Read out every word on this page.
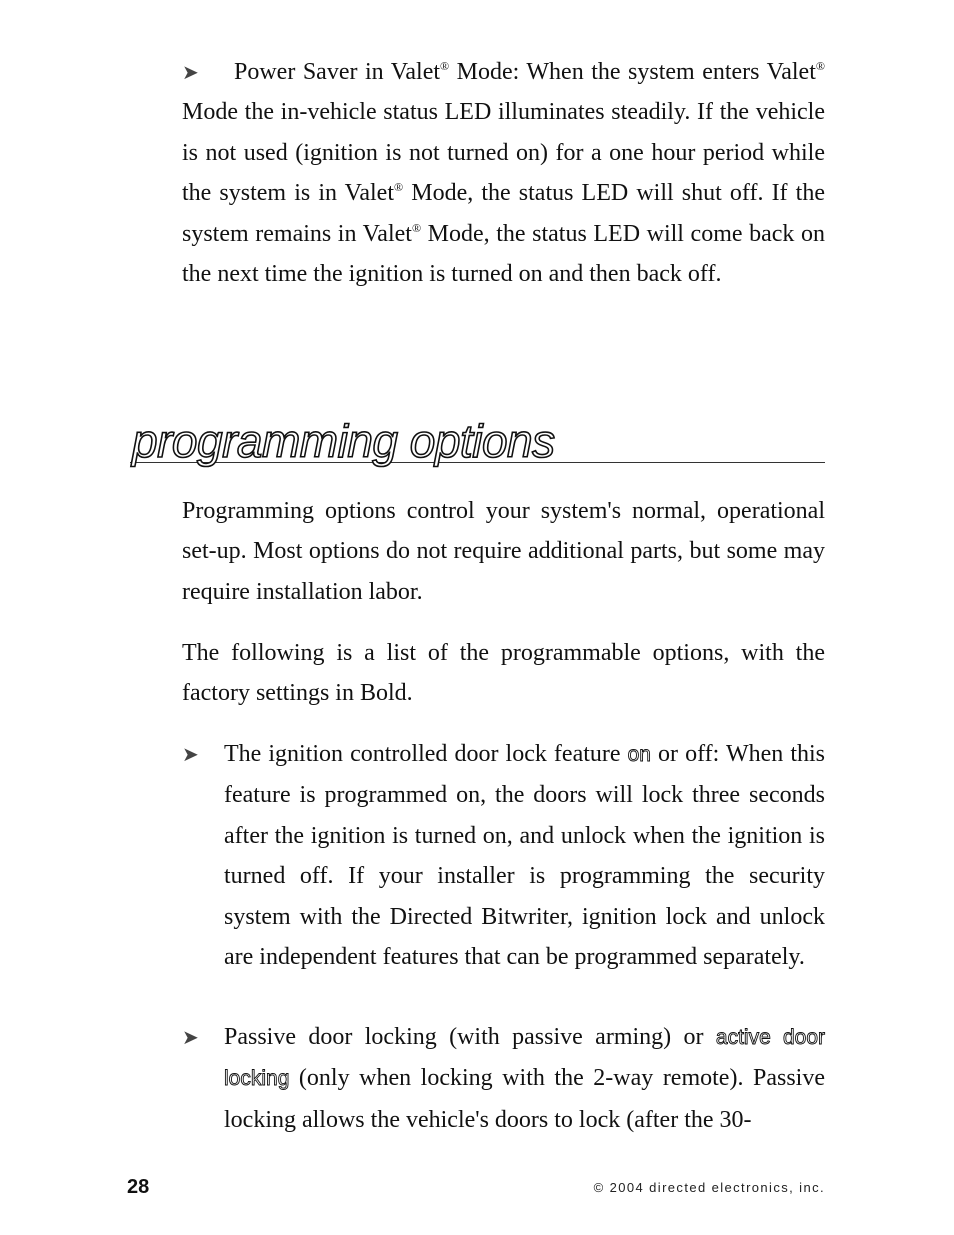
➤	Power Saver in Valet® Mode: When the system enters Valet® Mode the in-vehicle status LED illuminates steadily. If the vehicle is not used (ignition is not turned on) for a one hour period while the system is in Valet® Mode, the status LED will shut off. If the system remains in Valet® Mode, the status LED will come back on the next time the ignition is turned on and then back off.
programming options

Programming options control your system's normal, operational set-up. Most options do not require additional parts, but some may require installation labor.

The following is a list of the programmable options, with the factory settings in Bold.

➤	The ignition controlled door lock feature on or off: When this feature is programmed on, the doors will lock three seconds after the ignition is turned on, and unlock when the ignition is turned off. If your installer is programming the security system with the Directed Bitwriter, ignition lock and unlock are independent features that can be programmed separately.
➤	Passive door locking (with passive arming) or active door locking (only when locking with the 2-way remote). Passive locking allows the vehicle's doors to lock (after the 30-
28	© 2004 directed electronics, inc.
